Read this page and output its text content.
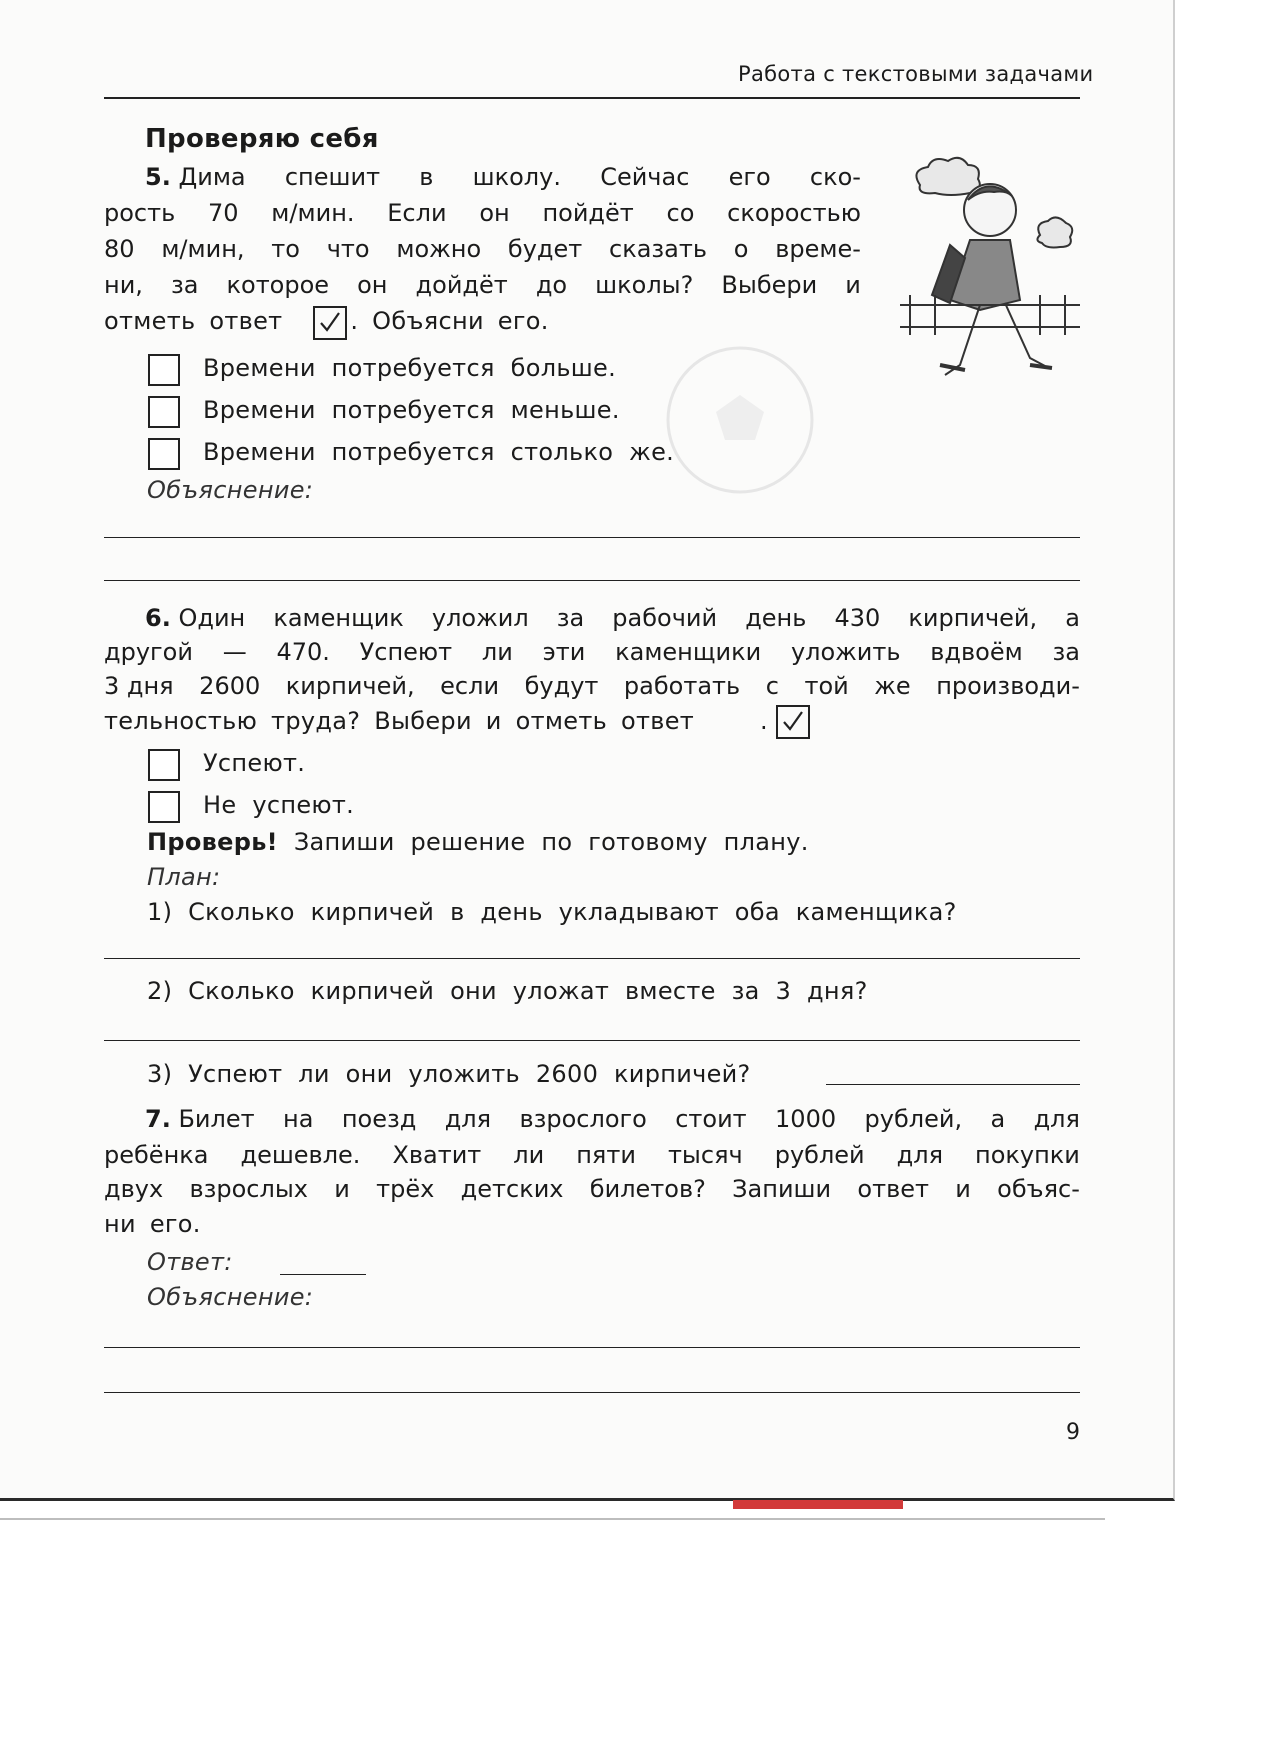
Работа с текстовыми задачами
Проверяю себя
5. Дима спешит в школу. Сейчас его ско-
рость 70 м/мин. Если он пойдёт со скоростью
80 м/мин, то что можно будет сказать о време-
ни, за которое он дойдёт до школы? Выбери и
отметь ответ	. Объясни его.
Времени потребуется больше.
Времени потребуется меньше.
Времени потребуется столько же.
Объяснение:
6. Один каменщик уложил за рабочий день 430 кирпичей, а
другой — 470. Успеют ли эти каменщики уложить вдвоём за
3 дня 2600 кирпичей, если будут работать с той же производи-
тельностью труда? Выбери и отметь ответ	.
Успеют.
Не успеют.
Проверь! Запиши решение по готовому плану.
План:
1)  Сколько  кирпичей  в  день  укладывают  оба  каменщика?
2)  Сколько  кирпичей  они  уложат  вместе  за  3  дня?
3)  Успеют  ли  они  уложить  2600  кирпичей?
7. Билет на поезд для взрослого стоит 1000 рублей, а для
ребёнка дешевле. Хватит ли пяти тысяч рублей для покупки
двух взрослых и трёх детских билетов? Запиши ответ и объяс-
ни его.
Ответ:
Объяснение:
9
